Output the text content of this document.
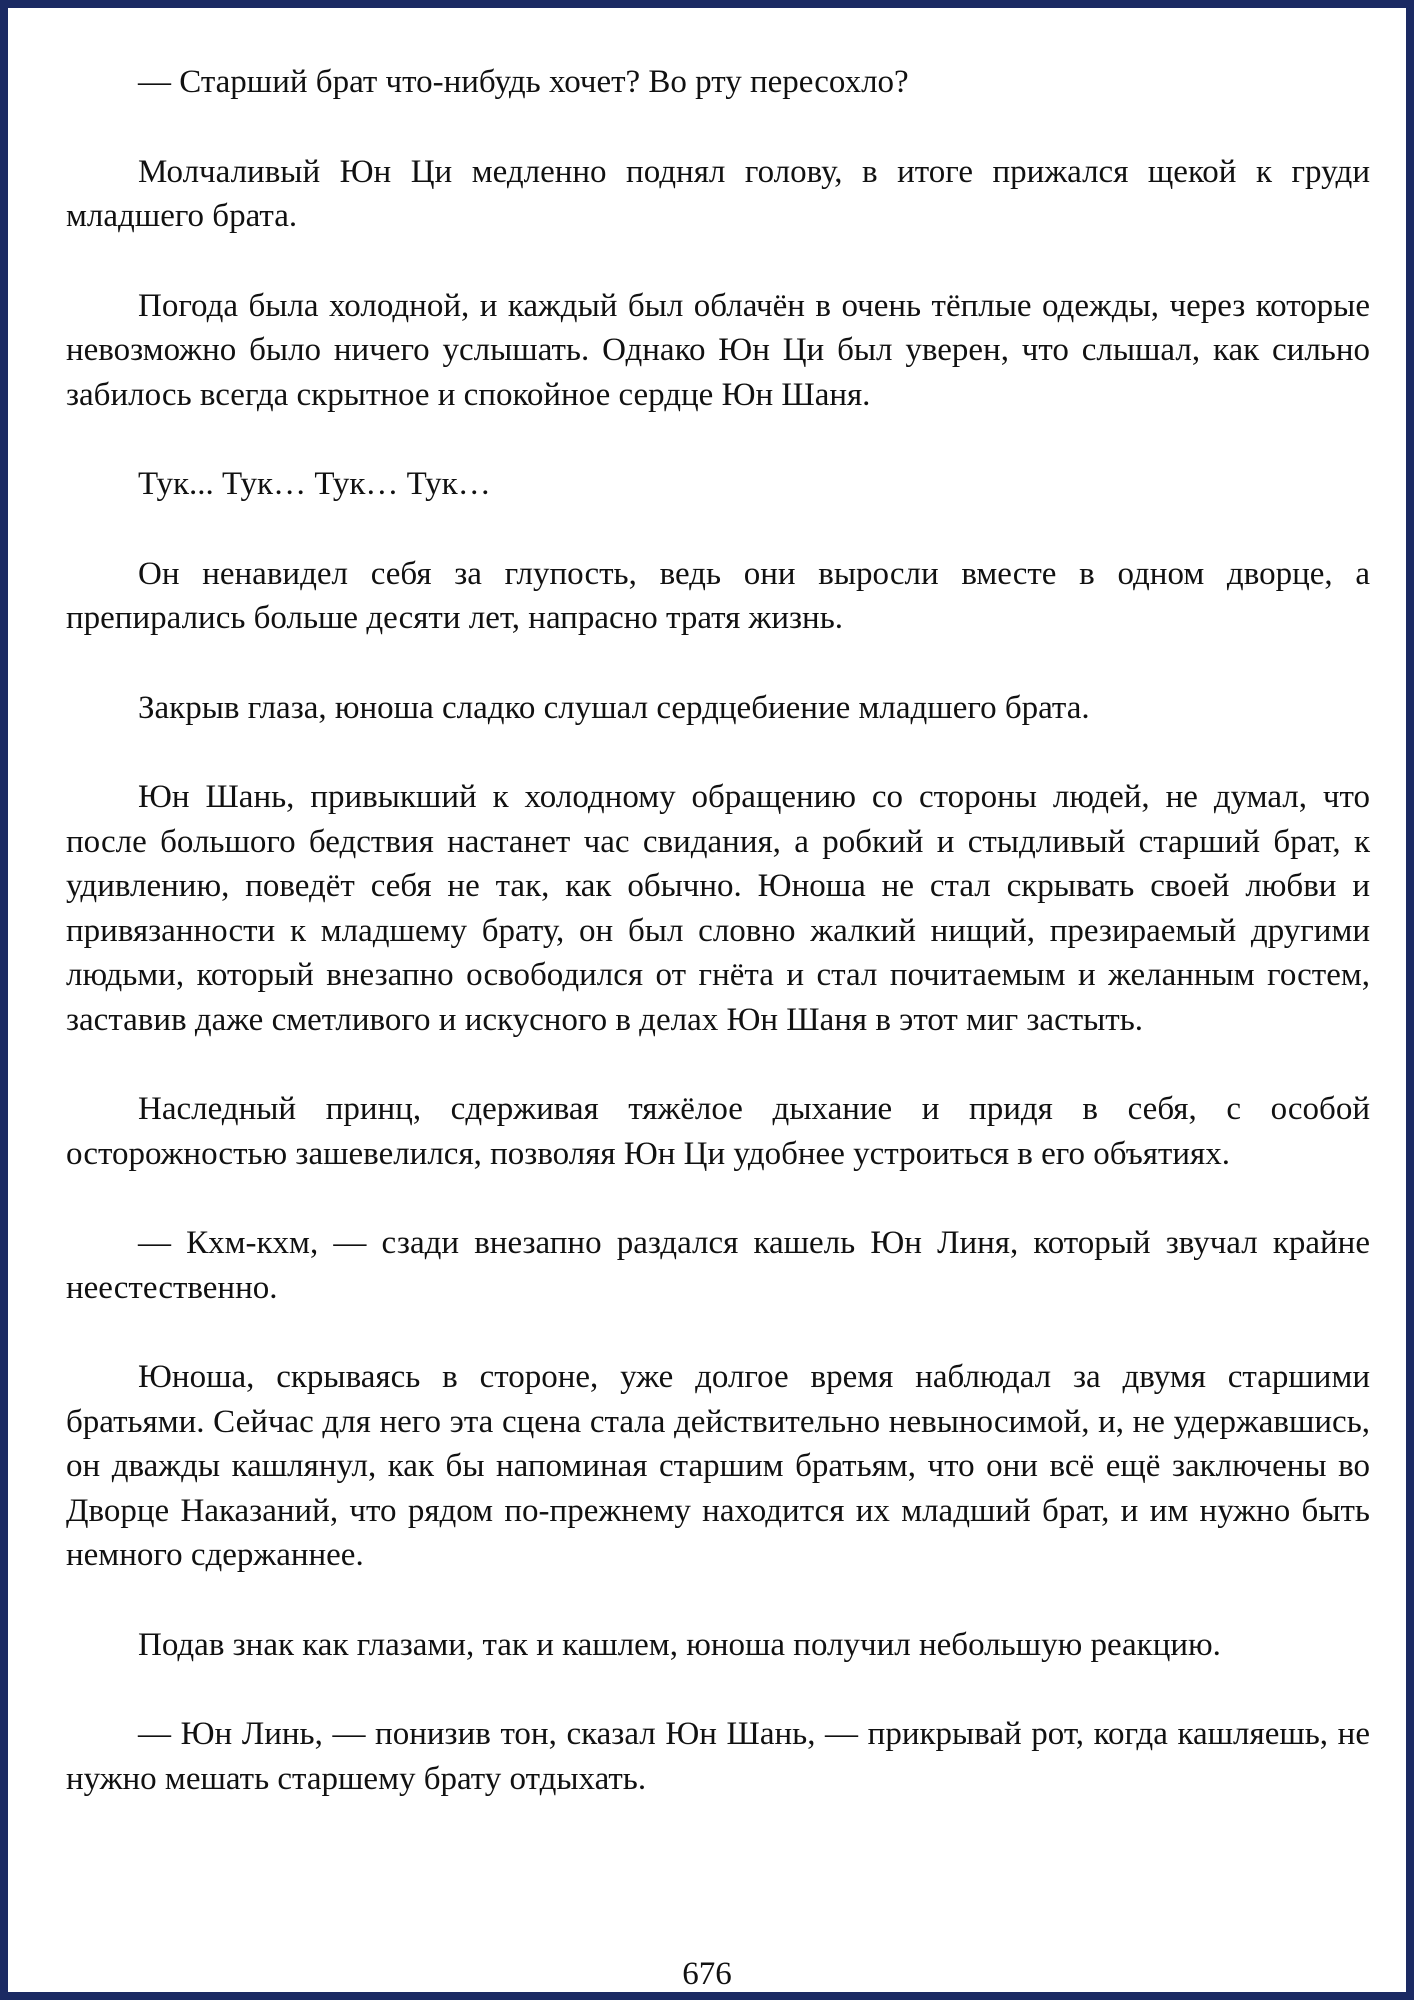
— Старший брат что-нибудь хочет? Во рту пересохло?

Молчаливый Юн Ци медленно поднял голову, в итоге прижался щекой к груди младшего брата.

Погода была холодной, и каждый был облачён в очень тёплые одежды, через которые невозможно было ничего услышать. Однако Юн Ци был уверен, что слышал, как сильно забилось всегда скрытное и спокойное сердце Юн Шаня.

Тук... Тук… Тук… Тук…

Он ненавидел себя за глупость, ведь они выросли вместе в одном дворце, а препирались больше десяти лет, напрасно тратя жизнь.

Закрыв глаза, юноша сладко слушал сердцебиение младшего брата.

Юн Шань, привыкший к холодному обращению со стороны людей, не думал, что после большого бедствия настанет час свидания, а робкий и стыдливый старший брат, к удивлению, поведёт себя не так, как обычно. Юноша не стал скрывать своей любви и привязанности к младшему брату, он был словно жалкий нищий, презираемый другими людьми, который внезапно освободился от гнёта и стал почитаемым и желанным гостем, заставив даже сметливого и искусного в делах Юн Шаня в этот миг застыть.

Наследный принц, сдерживая тяжёлое дыхание и придя в себя, с особой осторожностью зашевелился, позволяя Юн Ци удобнее устроиться в его объятиях.

— Кхм-кхм, — сзади внезапно раздался кашель Юн Линя, который звучал крайне неестественно.

Юноша, скрываясь в стороне, уже долгое время наблюдал за двумя старшими братьями. Сейчас для него эта сцена стала действительно невыносимой, и, не удержавшись, он дважды кашлянул, как бы напоминая старшим братьям, что они всё ещё заключены во Дворце Наказаний, что рядом по-прежнему находится их младший брат, и им нужно быть немного сдержаннее.

Подав знак как глазами, так и кашлем, юноша получил небольшую реакцию.

— Юн Линь, — понизив тон, сказал Юн Шань, — прикрывай рот, когда кашляешь, не нужно мешать старшему брату отдыхать.

676
